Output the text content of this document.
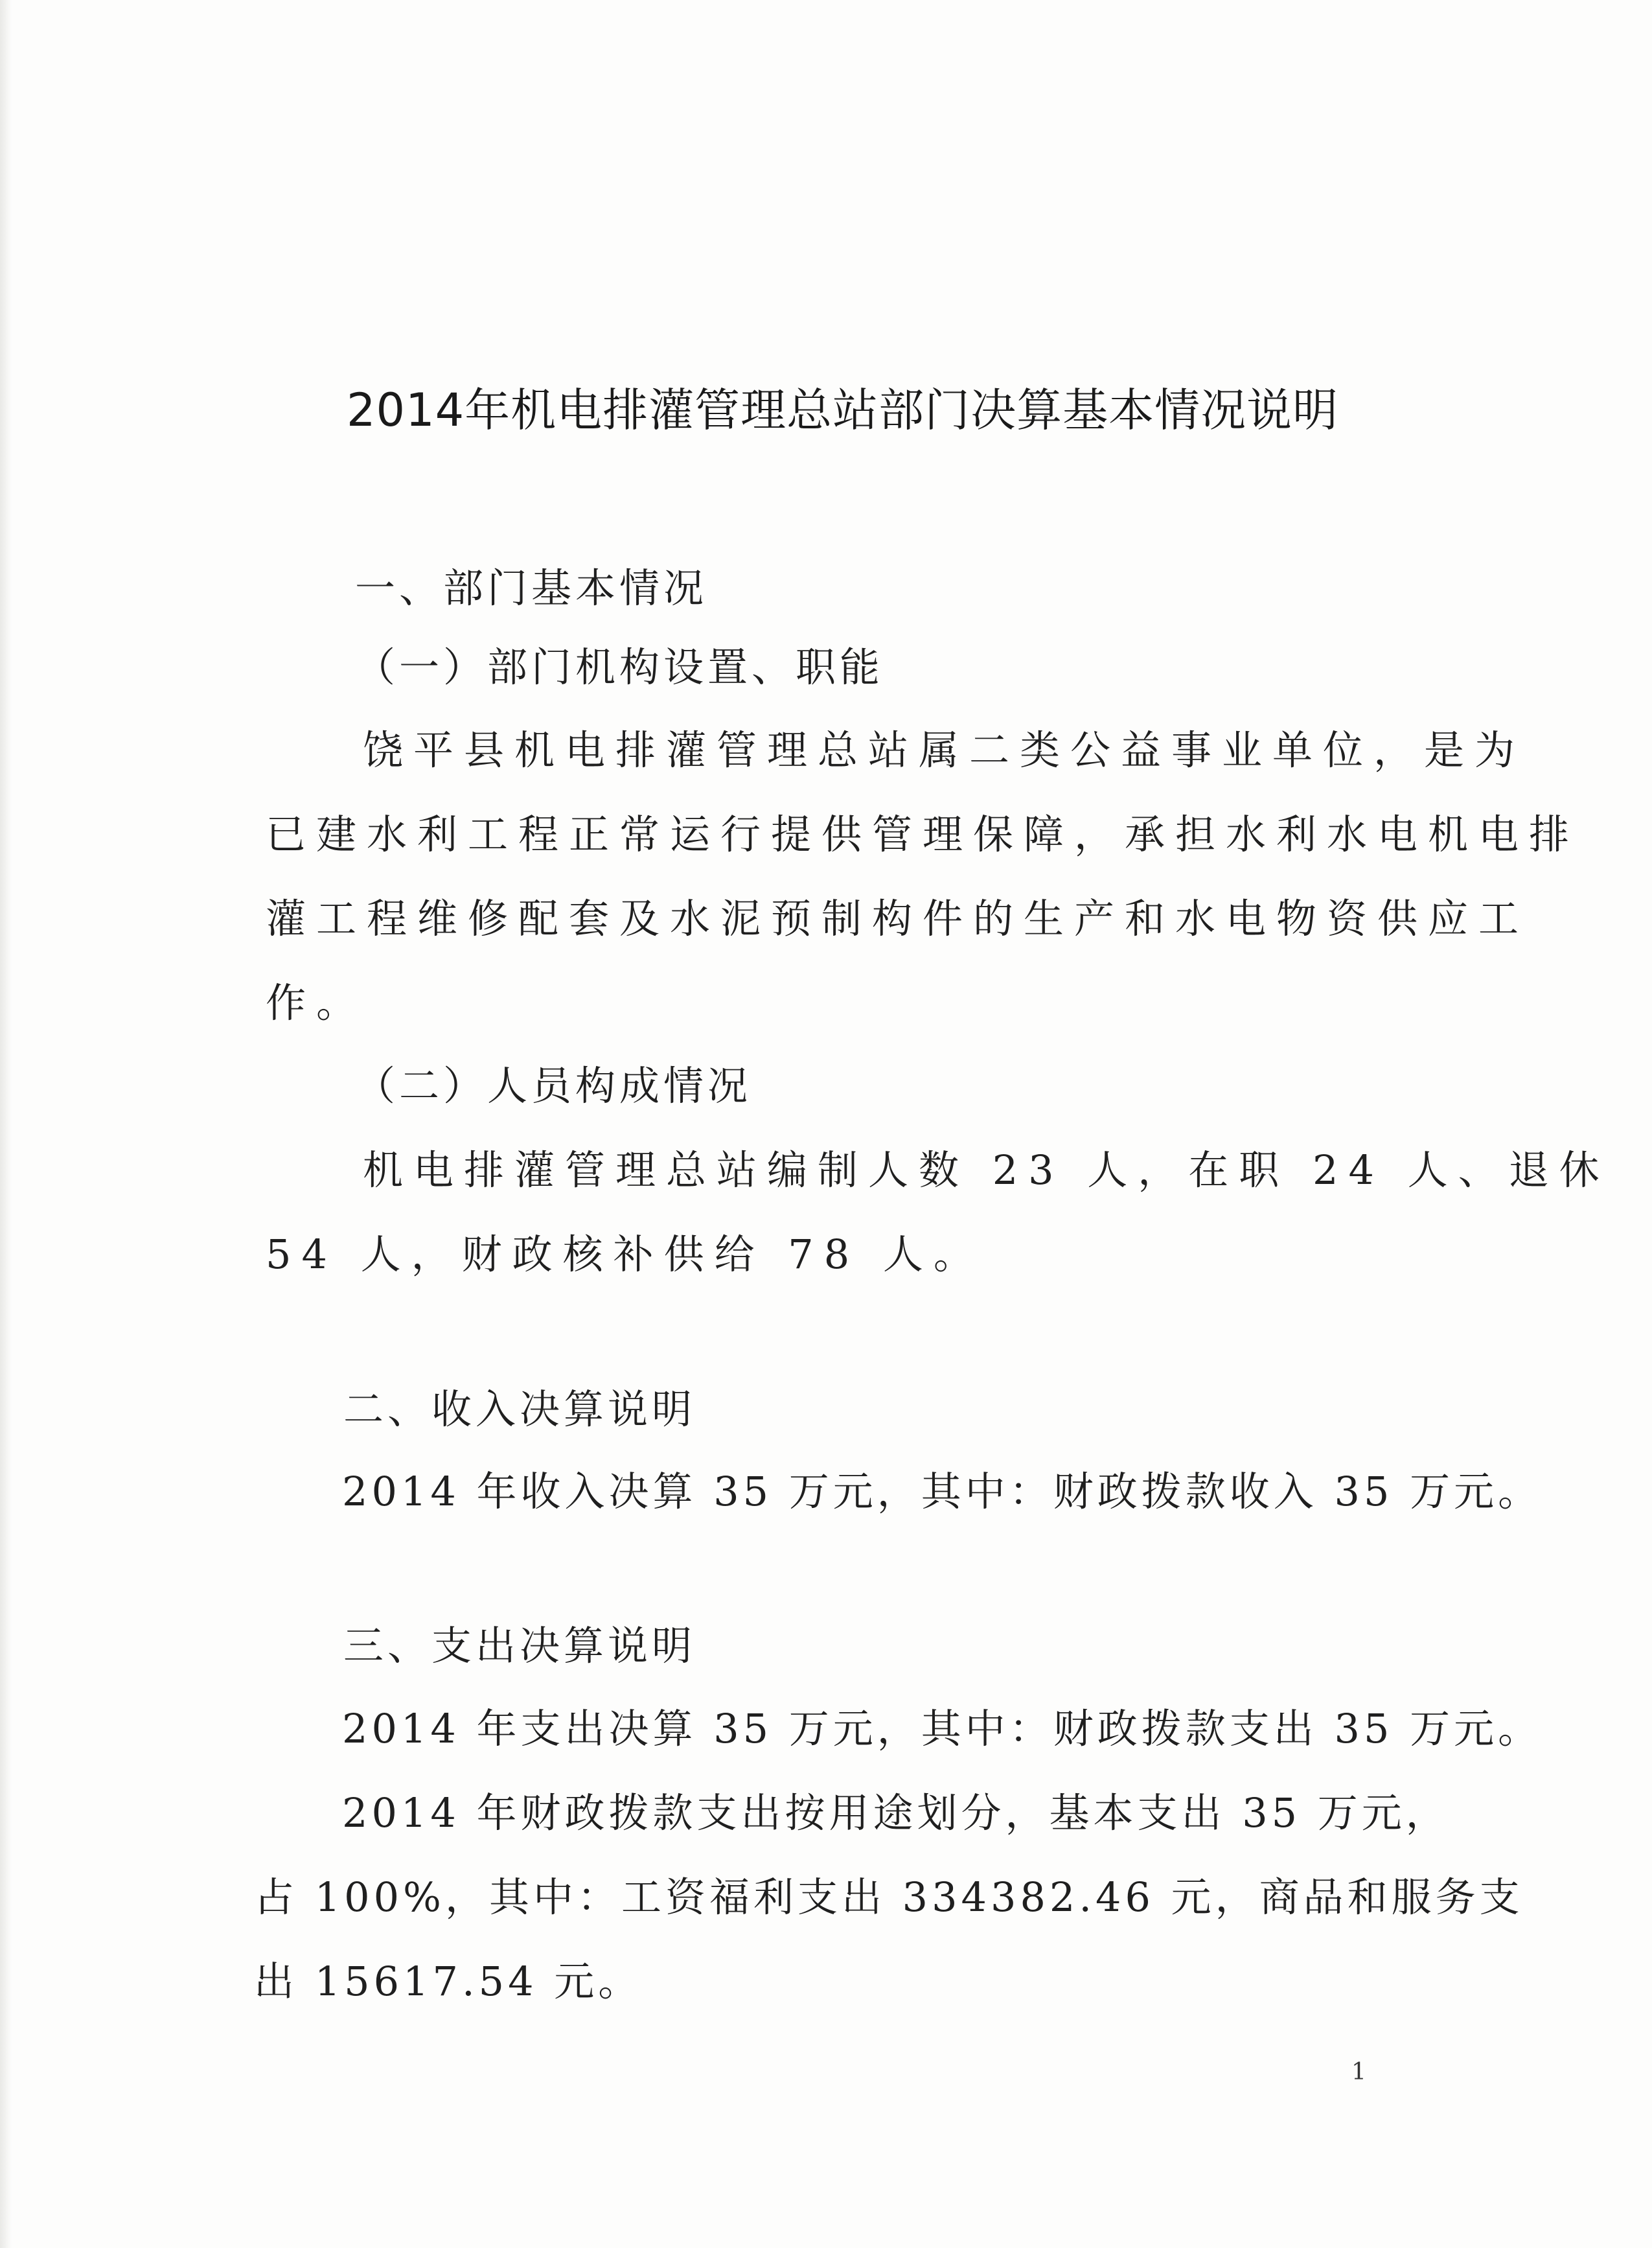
2014年机电排灌管理总站部门决算基本情况说明
一、部门基本情况
（一）部门机构设置、职能
饶平县机电排灌管理总站属二类公益事业单位，是为
已建水利工程正常运行提供管理保障，承担水利水电机电排
灌工程维修配套及水泥预制构件的生产和水电物资供应工
作。
（二）人员构成情况
机电排灌管理总站编制人数 23 人，在职 24 人、退休
54 人，财政核补供给 78 人。
二、收入决算说明
2014 年收入决算 35 万元，其中：财政拨款收入 35 万元。
三、支出决算说明
2014 年支出决算 35 万元，其中：财政拨款支出 35 万元。
2014 年财政拨款支出按用途划分，基本支出 35 万元，
占 100%，其中：工资福利支出 334382.46 元，商品和服务支
出 15617.54 元。
1
